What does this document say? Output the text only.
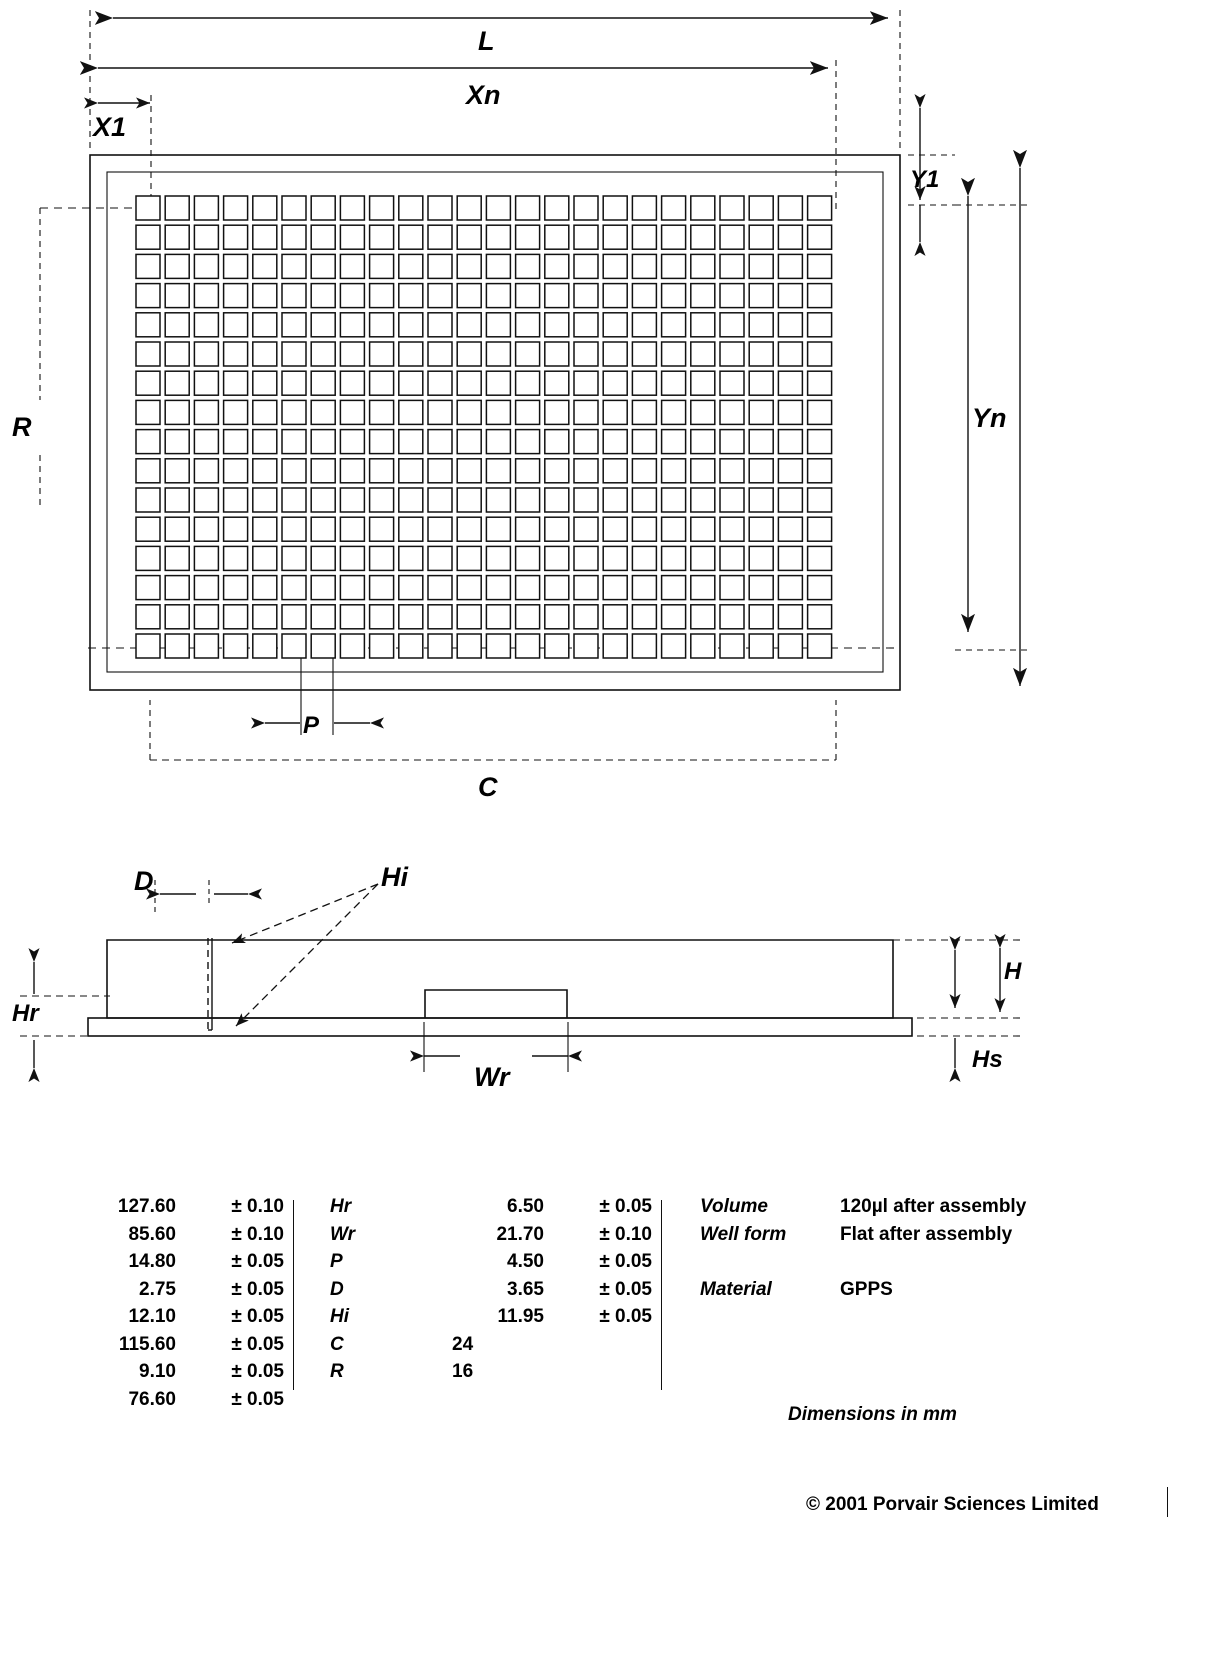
L
Xn
X1
Y1
Yn
R
C
P
D	Hi
H
Hr
Hs
Wr
127.60	± 0.10
85.60	± 0.10
14.80	± 0.05
2.75	± 0.05
12.10	± 0.05
115.60	± 0.05
9.10	± 0.05
76.60	± 0.05
Hr	6.50	± 0.05
Wr	21.70	± 0.10
P	4.50	± 0.05
D	3.65	± 0.05
Hi	11.95	± 0.05
C	24
R	16
Volume	120µl after assembly
Well form	Flat after assembly
Material	GPPS
Dimensions in mm
© 2001 Porvair Sciences Limited
